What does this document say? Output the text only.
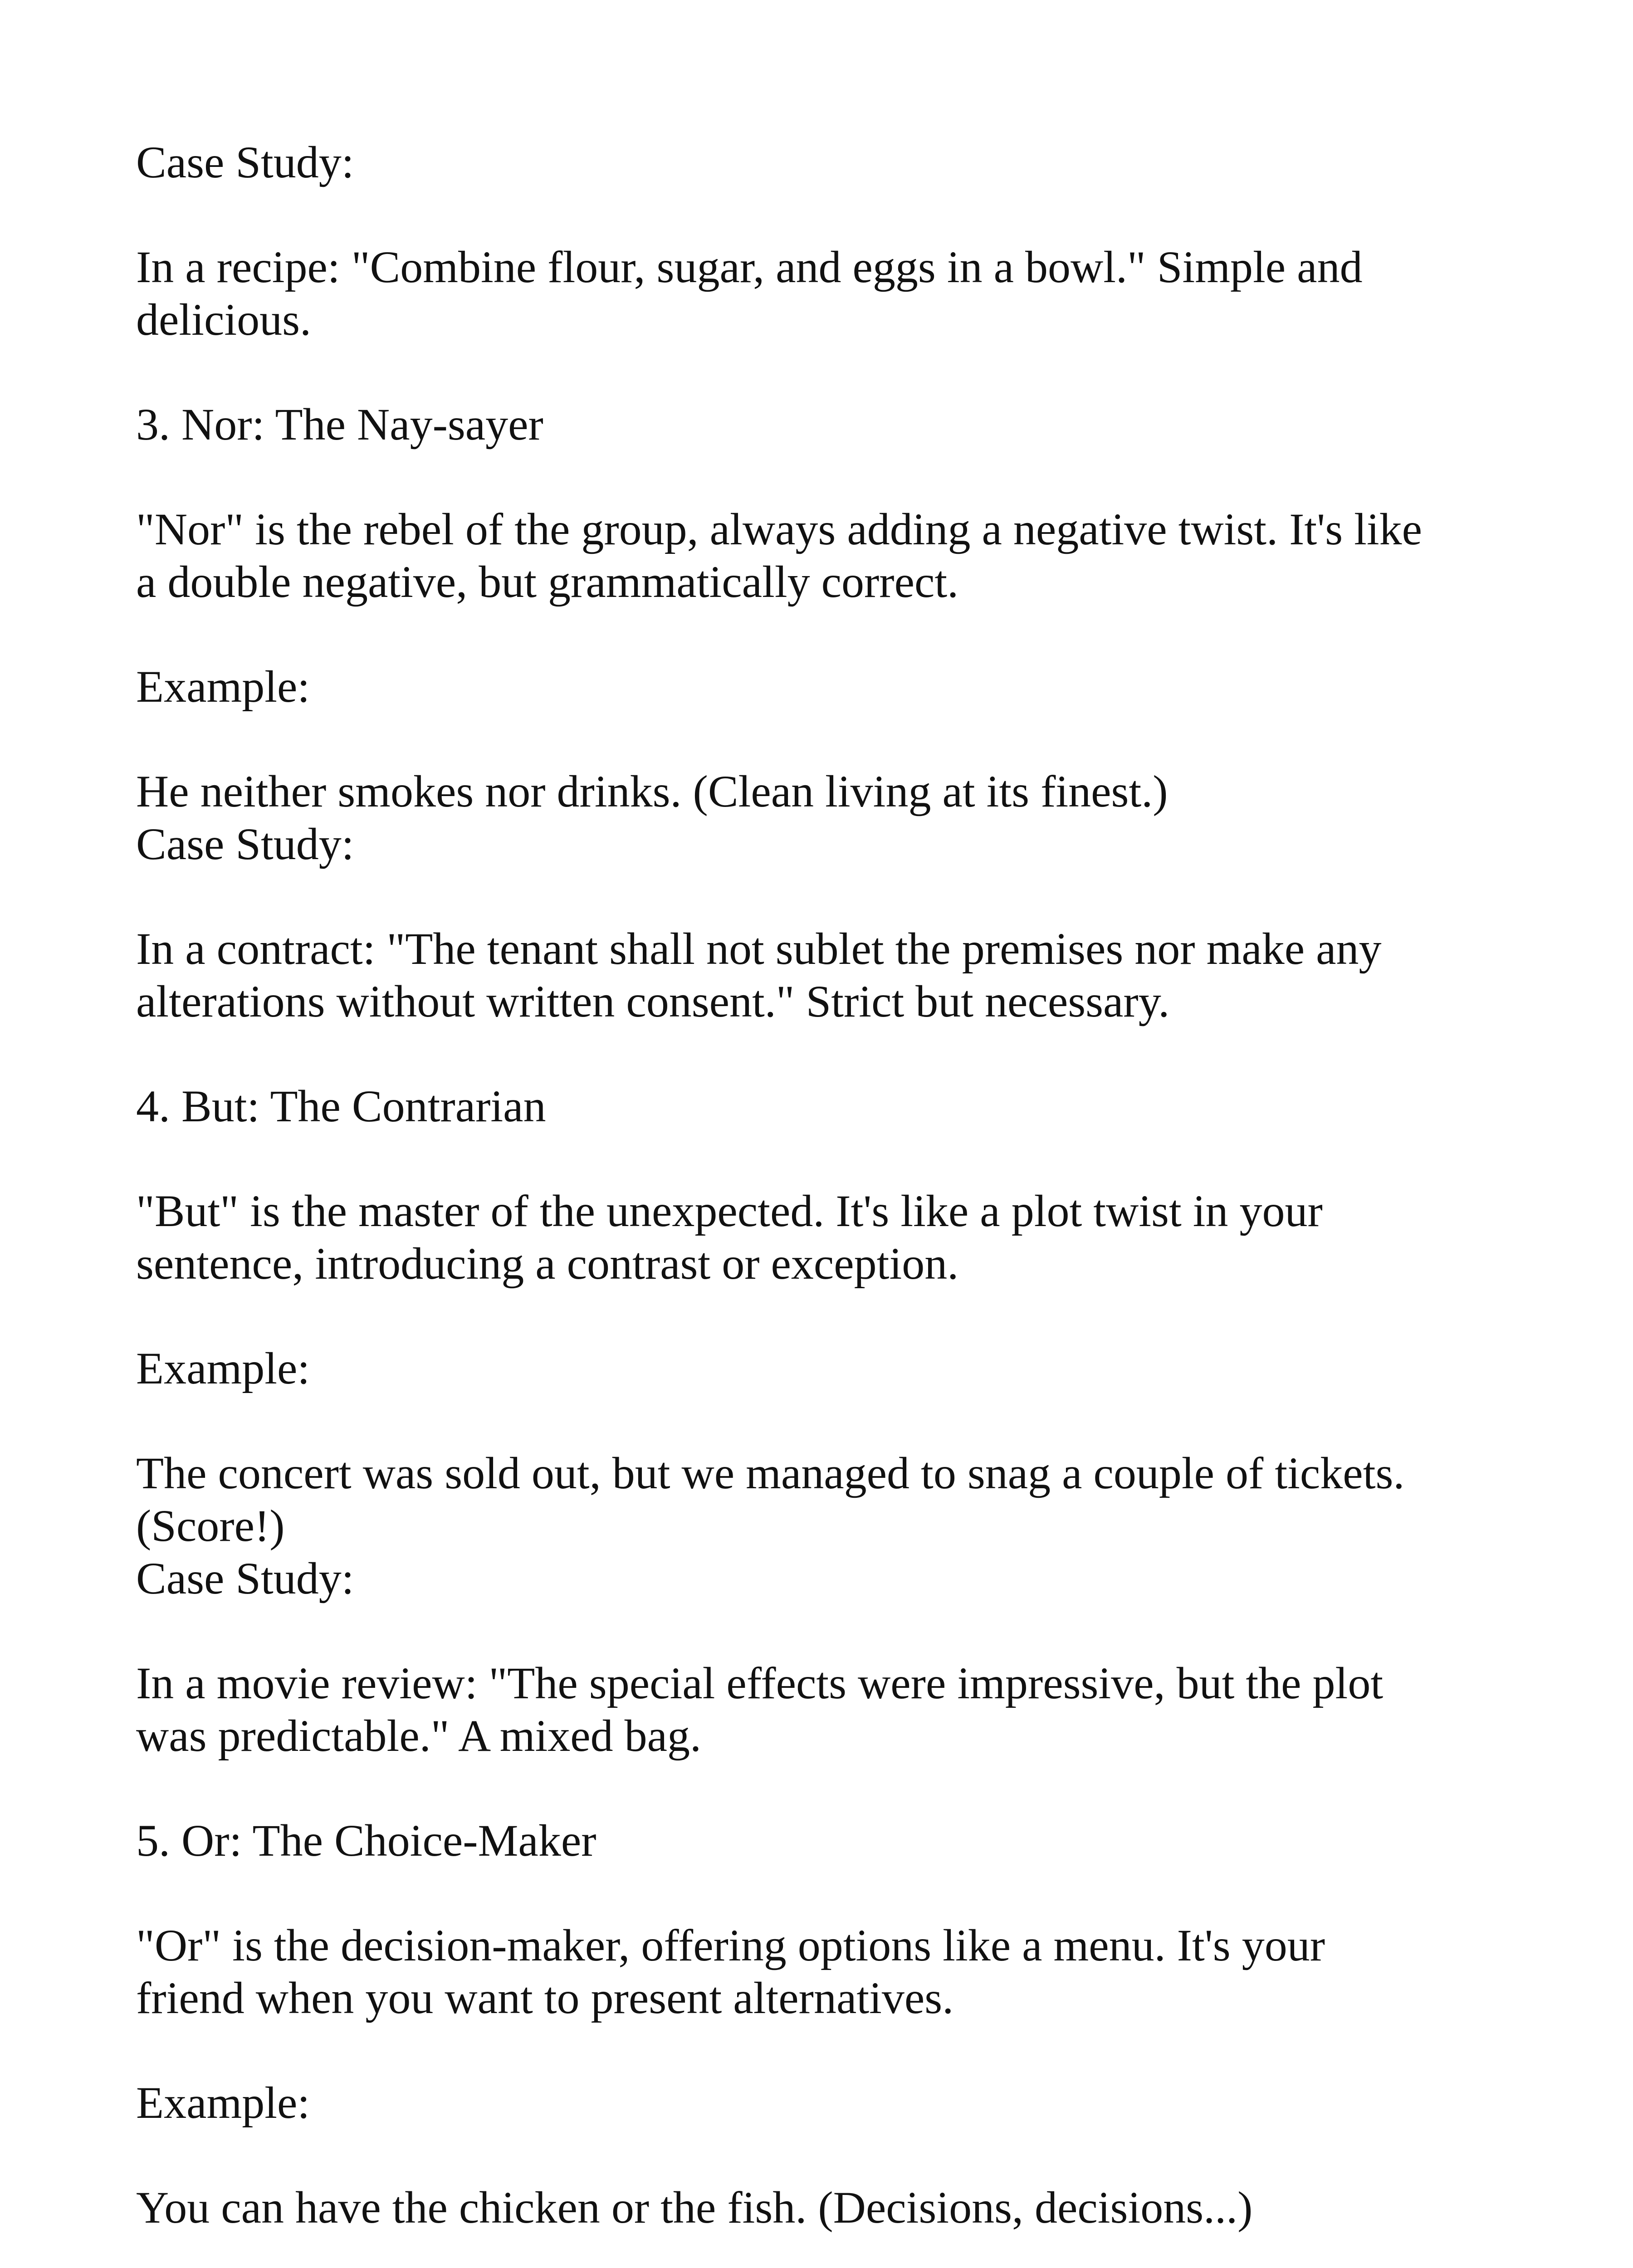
Case Study:

In a recipe: "Combine flour, sugar, and eggs in a bowl." Simple and
delicious.

3. Nor: The Nay-sayer

"Nor" is the rebel of the group, always adding a negative twist. It's like
a double negative, but grammatically correct.

Example:

He neither smokes nor drinks. (Clean living at its finest.)
Case Study:

In a contract: "The tenant shall not sublet the premises nor make any
alterations without written consent." Strict but necessary.

4. But: The Contrarian

"But" is the master of the unexpected. It's like a plot twist in your
sentence, introducing a contrast or exception.

Example:

The concert was sold out, but we managed to snag a couple of tickets.
(Score!)
Case Study:

In a movie review: "The special effects were impressive, but the plot
was predictable." A mixed bag.

5. Or: The Choice-Maker

"Or" is the decision-maker, offering options like a menu. It's your
friend when you want to present alternatives.

Example:

You can have the chicken or the fish. (Decisions, decisions...)
